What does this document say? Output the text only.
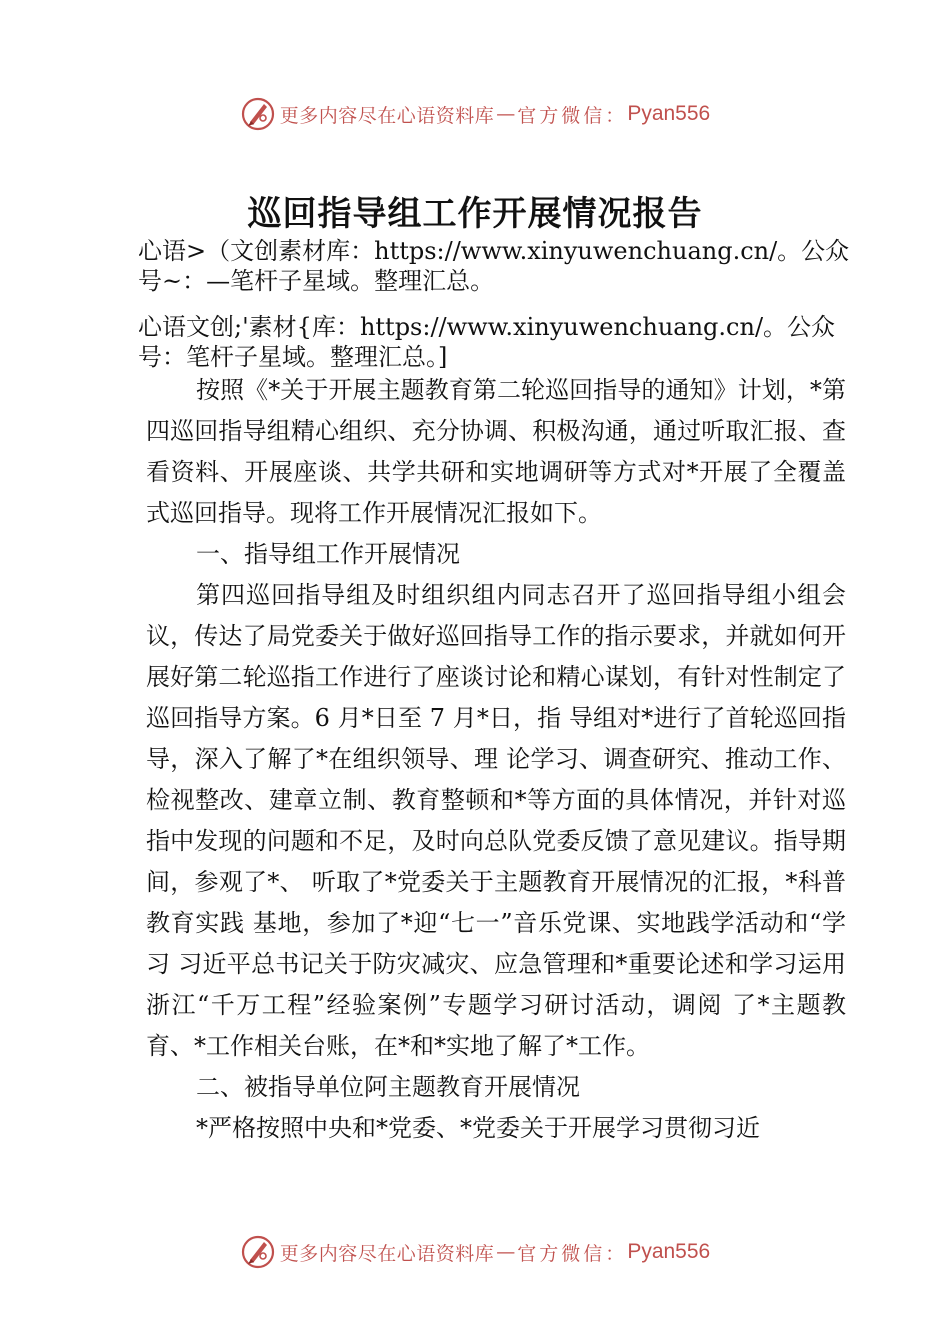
更多内容尽在心语资料库 — 官方微信： Pyan556
巡回指导组工作开展情况报告
心语>（文创素材库：https://www.xinyuwenchuang.cn/。公众号~：—笔杆子星域。整理汇总。
心语文创;'素材{库：https://www.xinyuwenchuang.cn/。公众号：笔杆子星域。整理汇总。]

按照《*关于开展主题教育第二轮巡回指导的通知》计划，*第四巡回指导组精心组织、充分协调、积极沟通，通过听取汇报、查看资料、开展座谈、共学共研和实地调研等方式对*开展了全覆盖式巡回指导。现将工作开展情况汇报如下。

一、指导组工作开展情况

第四巡回指导组及时组织组内同志召开了巡回指导组小组会议，传达了局党委关于做好巡回指导工作的指示要求，并就如何开展好第二轮巡指工作进行了座谈讨论和精心谋划，有针对性制定了巡回指导方案。6 月*日至 7 月*日，指 导组对*进行了首轮巡回指导，深入了解了*在组织领导、理 论学习、调查研究、推动工作、检视整改、建章立制、教育整顿和*等方面的具体情况，并针对巡指中发现的问题和不足，及时向总队党委反馈了意见建议。指导期间，参观了*、 听取了*党委关于主题教育开展情况的汇报，*科普教育实践 基地，参加了*迎“七一”音乐党课、实地践学活动和“学习 习近平总书记关于防灾减灾、应急管理和*重要论述和学习运用浙江“千万工程”经验案例”专题学习研讨活动，调阅 了*主题教育、*工作相关台账，在*和*实地了解了*工作。

二、被指导单位阿主题教育开展情况

*严格按照中央和*党委、*党委关于开展学习贯彻习近

更多内容尽在心语资料库 — 官方微信： Pyan556
